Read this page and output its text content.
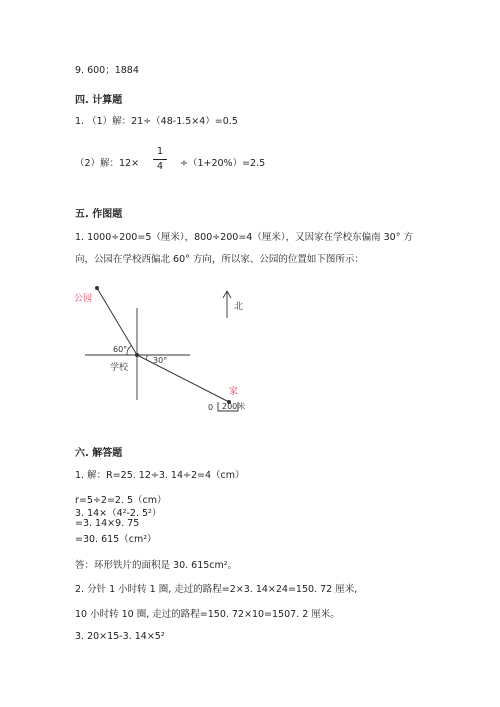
9. 600；1884
四. 计算题
1. （1）解：21÷（48-1.5×4）=0.5
（2）解：12×
1
4	÷（1+20%）=2.5
五. 作图题
1. 1000÷200=5（厘米），800÷200=4（厘米），又因家在学校东偏南 30° 方
向，公园在学校西偏北 60° 方向，所以家、公园的位置如下图所示：
公园
60°
30°
学校
家
北
0 200米
六. 解答题
1. 解：R=25. 12÷3. 14÷2=4（cm）
r=5÷2=2. 5（cm）
3. 14×（4²-2. 5²）
=3. 14×9. 75
=30. 615（cm²）
答：环形铁片的面积是 30. 615cm²。
2. 分针 1 小时转 1 圈, 走过的路程=2×3. 14×24=150. 72 厘米,
10 小时转 10 圈, 走过的路程=150. 72×10=1507. 2 厘米。
3. 20×15-3. 14×5²
